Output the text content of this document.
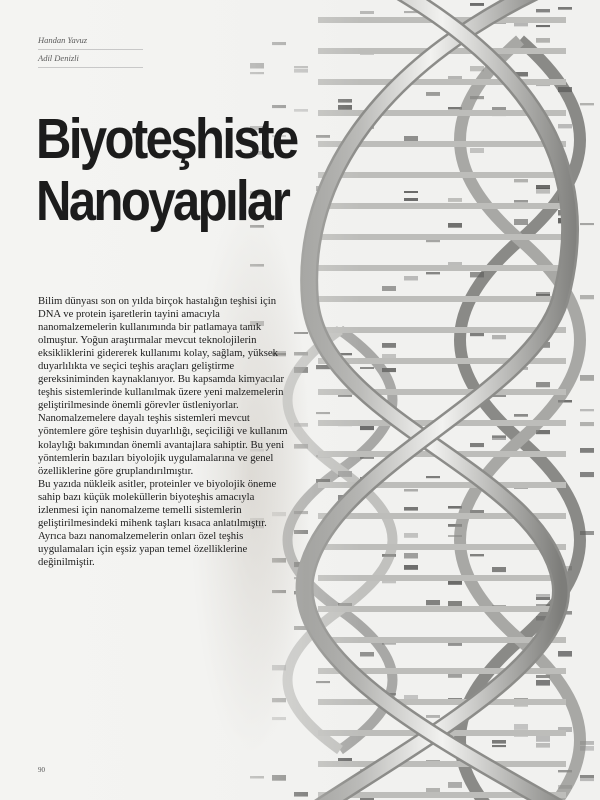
Handan Yavuz
Adil Denizli
Biyoteşhiste
Nanoyapılar

Bilim dünyası son on yılda birçok hastalığın teşhisi için DNA ve protein işaretlerin tayini amacıyla nanomalzemelerin kullanımında bir patlamaya tanık olmuştur. Yoğun araştırmalar mevcut teknolojilerin eksikliklerini gidererek kullanımı kolay, sağlam, yüksek duyarlılıkta ve seçici teşhis araçları geliştirme gereksiniminden kaynaklanıyor. Bu kapsamda kimyacılar teşhis sistemlerinde kullanılmak üzere yeni malzemelerin geliştirilmesinde önemli görevler üstleniyorlar. Nanomalzemelere dayalı teşhis sistemleri mevcut yöntemlere göre teşhisin duyarlılığı, seçiciliği ve kullanım kolaylığı bakımından önemli avantajlara sahiptir. Bu yeni yöntemlerin bazıları biyolojik uygulamalarına ve genel özelliklerine göre gruplandırılmıştır.

Bu yazıda nükleik asitler, proteinler ve biyolojik öneme sahip bazı küçük moleküllerin biyoteşhis amacıyla izlenmesi için nanomalzeme temelli sistemlerin geliştirilmesindeki mihenk taşları kısaca anlatılmıştır. Ayrıca bazı nanomalzemelerin onları özel teşhis uygulamaları için eşsiz yapan temel özelliklerine değinilmiştir.

90
